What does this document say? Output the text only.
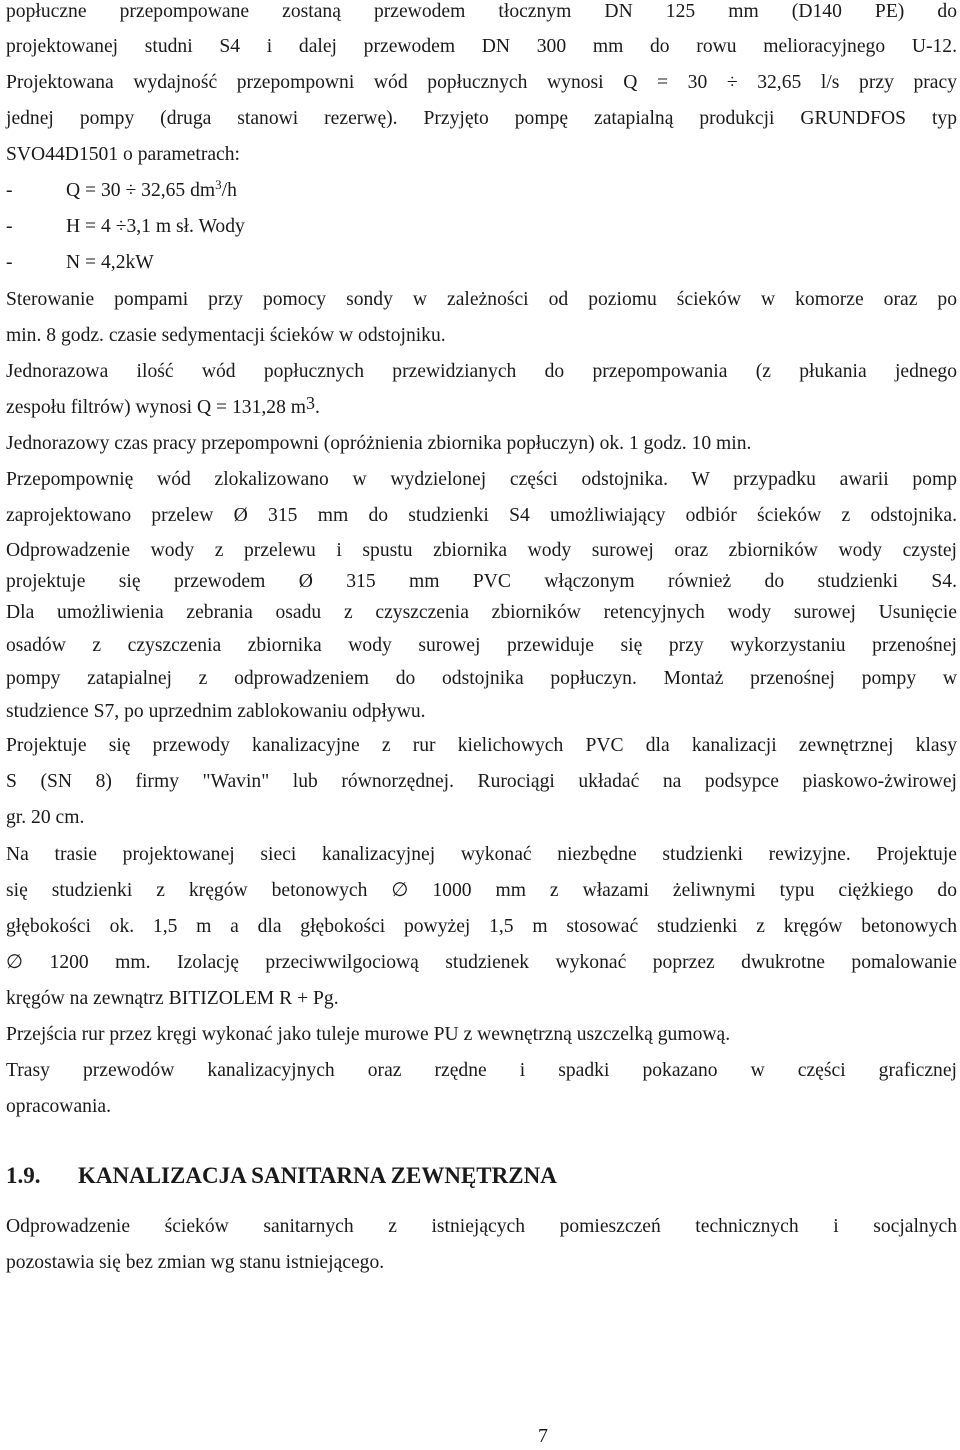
popłuczne przepompowane zostaną przewodem tłocznym DN 125 mm (D140 PE) do
projektowanej studni S4 i dalej przewodem DN 300 mm do rowu melioracyjnego U-12.
Projektowana wydajność przepompowni wód popłucznych wynosi Q = 30 ÷ 32,65 l/s przy pracy
jednej pompy (druga stanowi rezerwę). Przyjęto pompę zatapialną produkcji GRUNDFOS typ
SVO44D1501 o parametrach:
-	Q = 30 ÷ 32,65 $dm^3/h$
-	H = 4 ÷3,1 m sł. Wody
-	N = 4,2kW
Sterowanie pompami przy pomocy sondy w zależności od poziomu ścieków w komorze oraz po
min. 8 godz. czasie sedymentacji ścieków w odstojniku.
Jednorazowa ilość wód popłucznych przewidzianych do przepompowania (z płukania jednego
zespołu filtrów) wynosi Q = 131,28 m3.
Jednorazowy czas pracy przepompowni (opróżnienia zbiornika popłuczyn) ok. 1 godz. 10 min.
Przepompownię wód zlokalizowano w wydzielonej części odstojnika. W przypadku awarii pomp
zaprojektowano przelew Ø 315 mm do studzienki S4 umożliwiający odbiór ścieków z odstojnika.
Odprowadzenie wody z przelewu i spustu zbiornika wody surowej oraz zbiorników wody czystej
projektuje się przewodem Ø 315 mm PVC włączonym również do studzienki S4.
Dla umożliwienia zebrania osadu z czyszczenia zbiorników retencyjnych wody surowej Usunięcie
osadów z czyszczenia zbiornika wody surowej przewiduje się przy wykorzystaniu przenośnej
pompy zatapialnej z odprowadzeniem do odstojnika popłuczyn. Montaż przenośnej pompy w
studzience S7, po uprzednim zablokowaniu odpływu.
Projektuje się przewody kanalizacyjne z rur kielichowych PVC dla kanalizacji zewnętrznej klasy
S (SN 8) firmy "Wavin" lub równorzędnej. Rurociągi układać na podsypce piaskowo-żwirowej
gr. 20 cm.
Na trasie projektowanej sieci kanalizacyjnej wykonać niezbędne studzienki rewizyjne. Projektuje
się studzienki z kręgów betonowych ∅ 1000 mm z włazami żeliwnymi typu ciężkiego do
głębokości ok. 1,5 m a dla głębokości powyżej 1,5 m stosować studzienki z kręgów betonowych
∅ 1200 mm. Izolację przeciwwilgociową studzienek wykonać poprzez dwukrotne pomalowanie
kręgów na zewnątrz BITIZOLEM R + Pg.
Przejścia rur przez kręgi wykonać jako tuleje murowe PU z wewnętrzną uszczelką gumową.
Trasy przewodów kanalizacyjnych oraz rzędne i spadki pokazano w części graficznej
opracowania.
1.9. KANALIZACJA SANITARNA ZEWNĘTRZNA
Odprowadzenie ścieków sanitarnych z istniejących pomieszczeń technicznych i socjalnych
pozostawia się bez zmian wg stanu istniejącego.
7
